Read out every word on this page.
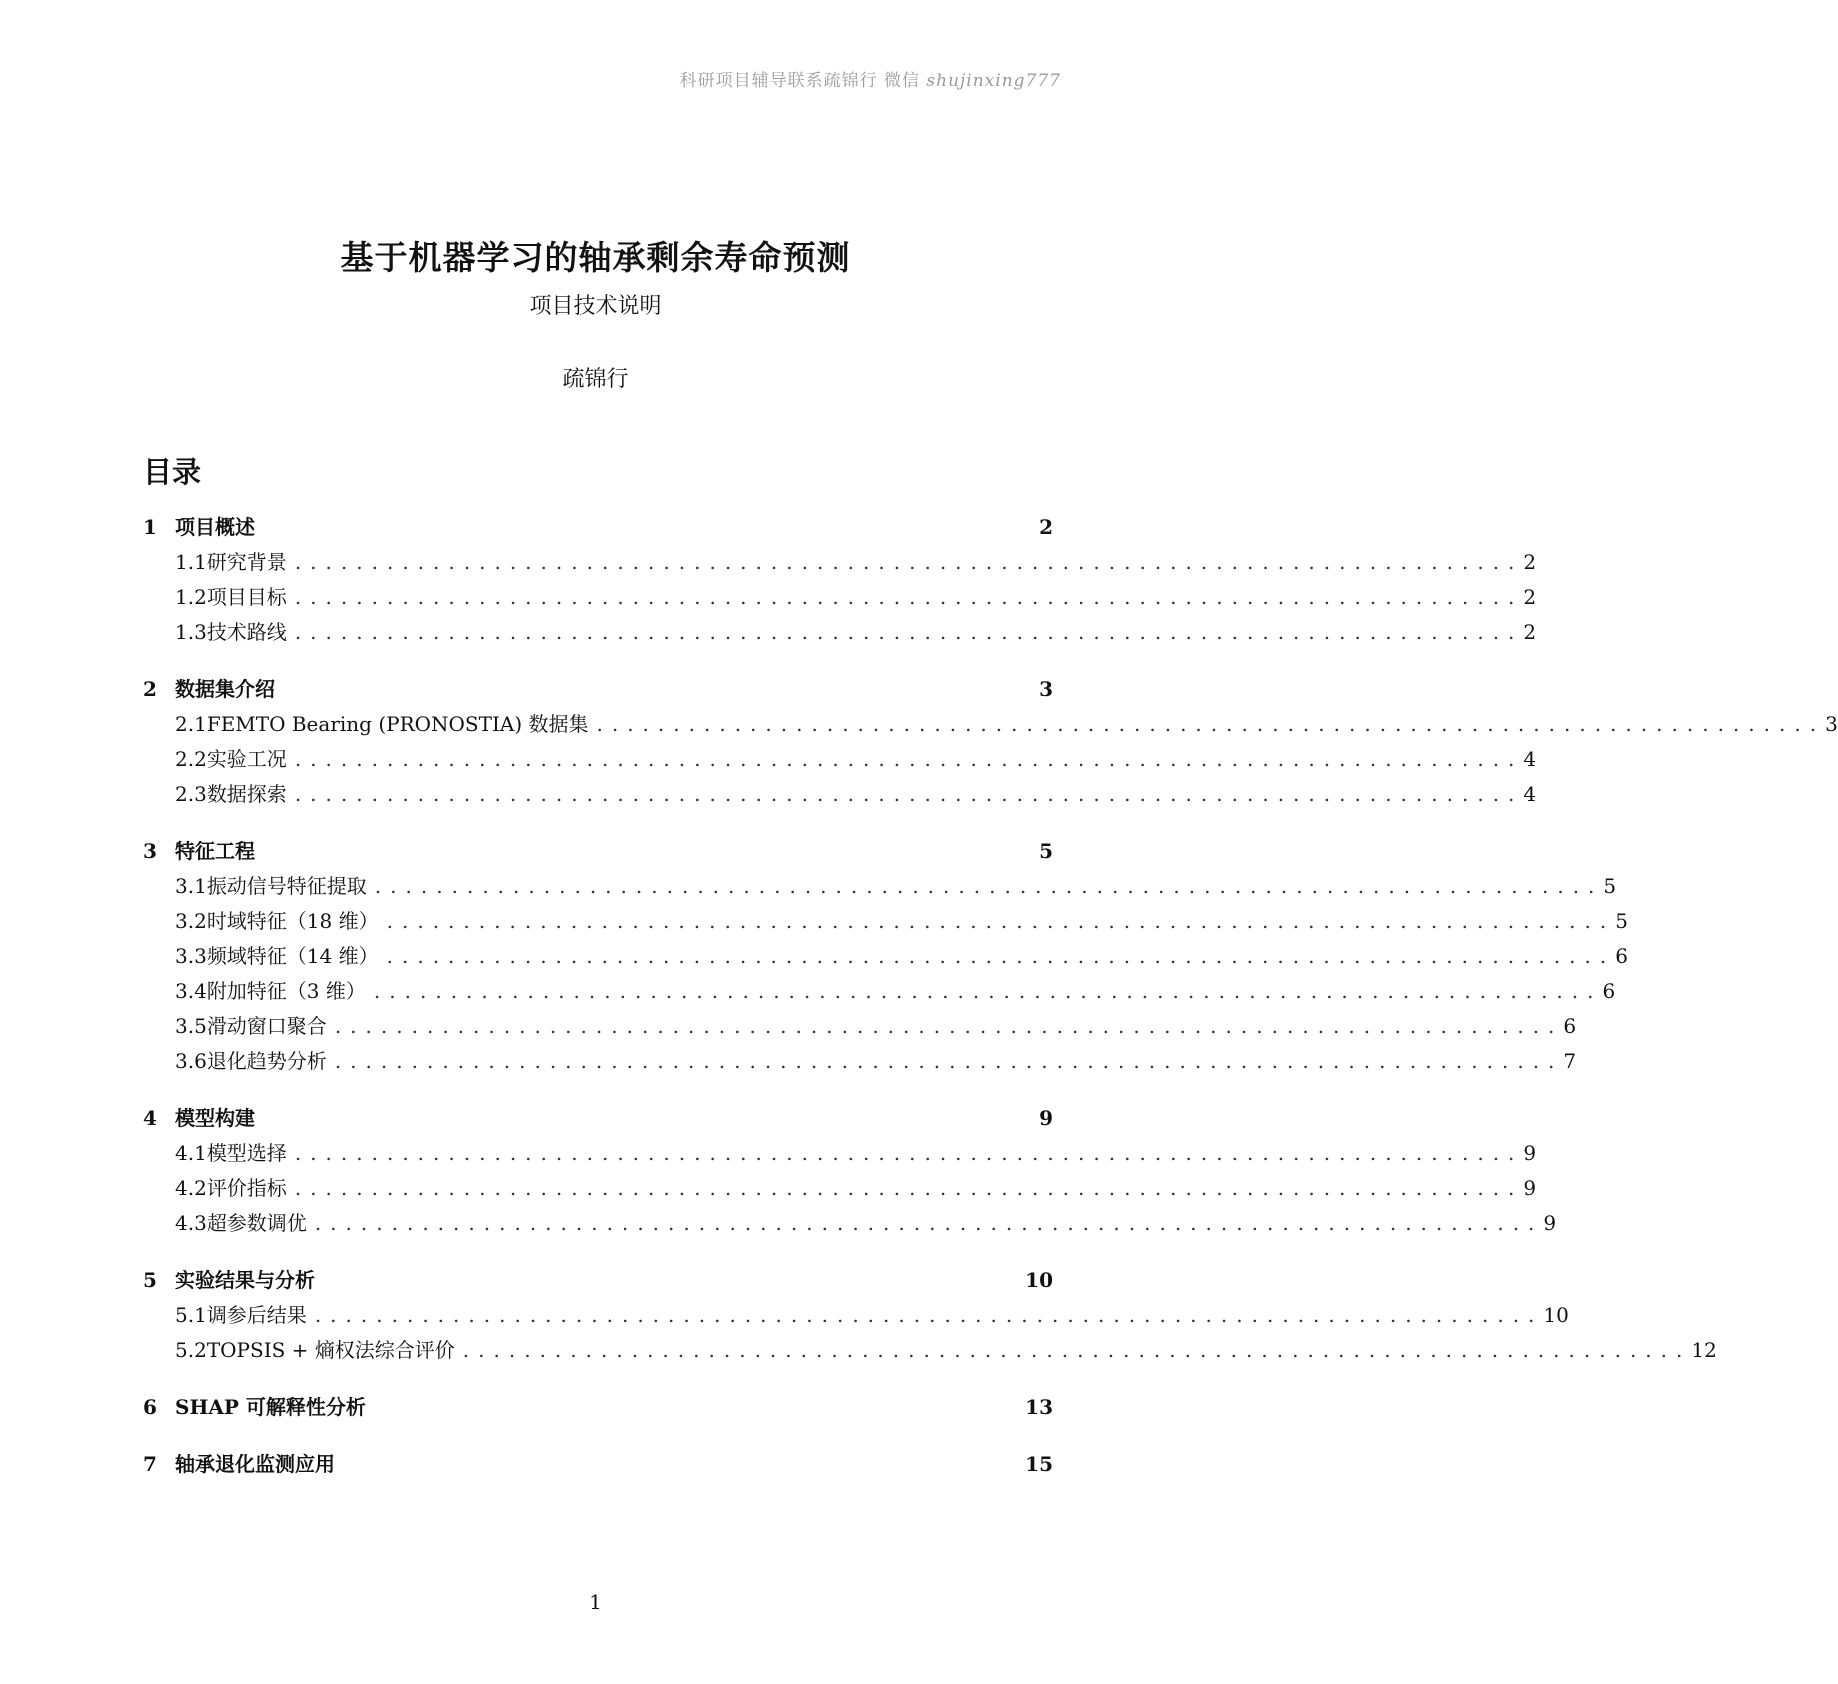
科研项目辅导联系疏锦行 微信 shujinxing777
基于机器学习的轴承剩余寿命预测
项目技术说明
疏锦行
目录
1 项目概述	2
1.1 研究背景 ................................................................................ 2
1.2 项目目标 ................................................................................ 2
1.3 技术路线 ................................................................................ 2
2 数据集介绍	3
2.1 FEMTO Bearing (PRONOSTIA) 数据集 ................................................................................ 3
2.2 实验工况 ................................................................................ 4
2.3 数据探索 ................................................................................ 4
3 特征工程	5
3.1 振动信号特征提取 ................................................................................ 5
3.2 时域特征（18 维） ................................................................................ 5
3.3 频域特征（14 维） ................................................................................ 6
3.4 附加特征（3 维） ................................................................................ 6
3.5 滑动窗口聚合 ................................................................................ 6
3.6 退化趋势分析 ................................................................................ 7
4 模型构建	9
4.1 模型选择 ................................................................................ 9
4.2 评价指标 ................................................................................ 9
4.3 超参数调优 ................................................................................ 9
5 实验结果与分析	10
5.1 调参后结果 ................................................................................ 10
5.2 TOPSIS + 熵权法综合评价 ................................................................................ 12
6 SHAP 可解释性分析	13
7 轴承退化监测应用	15
1
